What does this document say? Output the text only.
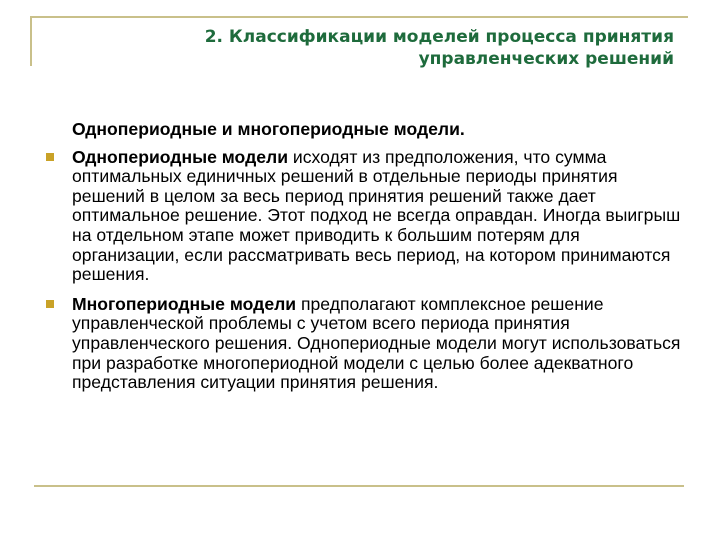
2. Классификации моделей процесса принятия
управленческих решений
Однопериодные и многопериодные модели.
Однопериодные модели исходят из предположения, что сумма оптимальных единичных решений в отдельные периоды принятия решений в целом за весь период принятия решений также дает оптимальное решение. Этот подход не всегда оправдан. Иногда выигрыш на отдельном этапе может приводить к большим потерям для организации, если рассматривать весь период, на котором принимаются решения.
Многопериодные модели предполагают комплексное решение управленческой проблемы с учетом всего периода принятия управленческого решения. Однопериодные модели могут использоваться при разработке многопериодной модели с целью более адекватного представления ситуации принятия решения.
